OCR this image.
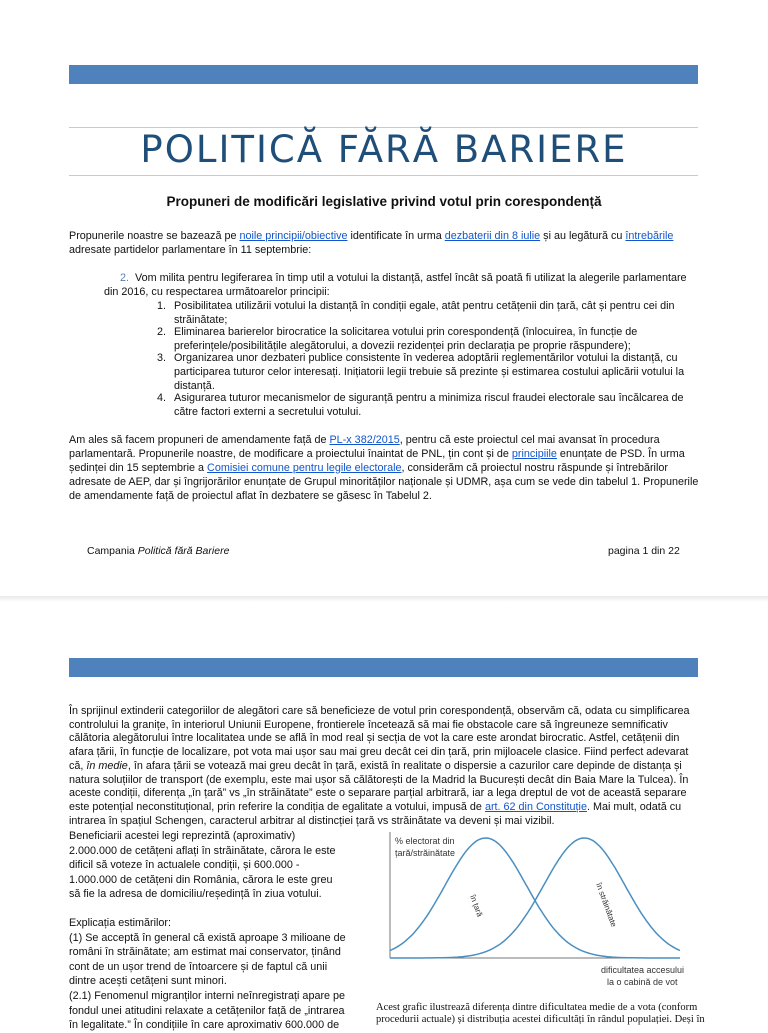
POLITICĂ FĂRĂ BARIERE
Propuneri de modificări legislative privind votul prin corespondență
Propunerile noastre se bazează pe noile principii/obiective identificate în urma dezbaterii din 8 iulie și au legătură cu întrebările
adresate partidelor parlamentare în 11 septembrie:
2. Vom milita pentru legiferarea în timp util a votului la distanță, astfel încât să poată fi utilizat la alegerile parlamentare
din 2016, cu respectarea următoarelor principii:
1. Posibilitatea utilizării votului la distanță în condiții egale, atât pentru cetățenii din țară, cât și pentru cei din
străinătate;
2. Eliminarea barierelor birocratice la solicitarea votului prin corespondență (înlocuirea, în funcție de
preferințele/posibilitățile alegătorului, a dovezii rezidenței prin declarația pe proprie răspundere);
3. Organizarea unor dezbateri publice consistente în vederea adoptării reglementărilor votului la distanță, cu
participarea tuturor celor interesați. Inițiatorii legii trebuie să prezinte și estimarea costului aplicării votului la
distanță.
4. Asigurarea tuturor mecanismelor de siguranță pentru a minimiza riscul fraudei electorale sau încălcarea de
către factori externi a secretului votului.
Am ales să facem propuneri de amendamente față de PL-x 382/2015, pentru că este proiectul cel mai avansat în procedura
parlamentară. Propunerile noastre, de modificare a proiectului înaintat de PNL, țin cont și de principiile enunțate de PSD. În urma
ședinței din 15 septembrie a Comisiei comune pentru legile electorale, considerăm că proiectul nostru răspunde și întrebărilor
adresate de AEP, dar și îngrijorărilor enunțate de Grupul minorităților naționale și UDMR, așa cum se vede din tabelul 1. Propunerile
de amendamente față de proiectul aflat în dezbatere se găsesc în Tabelul 2.
Campania Politică fără Bariere	pagina 1 din 22
În sprijinul extinderii categoriilor de alegători care să beneficieze de votul prin corespondență, observăm că, odata cu simplificarea
controlului la granițe, în interiorul Uniunii Europene, frontierele încetează să mai fie obstacole care să îngreuneze semnificativ
călătoria alegătorului între localitatea unde se află în mod real și secția de vot la care este arondat birocratic. Astfel, cetățenii din
afara țării, în funcție de localizare, pot vota mai ușor sau mai greu decât cei din țară, prin mijloacele clasice. Fiind perfect adevarat
că, în medie, în afara țării se votează mai greu decât în țară, există în realitate o dispersie a cazurilor care depinde de distanța și
natura soluțiilor de transport (de exemplu, este mai ușor să călătorești de la Madrid la București decât din Baia Mare la Tulcea). În
aceste condiții, diferența „în țară” vs „în străinătate” este o separare parțial arbitrară, iar a lega dreptul de vot de această separare
este potențial neconstituțional, prin referire la condiția de egalitate a votului, impusă de art. 62 din Constituție. Mai mult, odată cu
intrarea în spațiul Schengen, caracterul arbitrar al distincției țară vs străinătate va deveni și mai vizibil.
Beneficiarii acestei legi reprezintă (aproximativ)
2.000.000 de cetățeni aflați în străinătate, cărora le este
dificil să voteze în actualele condiții, și 600.000 -
1.000.000 de cetățeni din România, cărora le este greu
să fie la adresa de domiciliu/reședință în ziua votului.
Explicația estimărilor:
(1) Se acceptă în general că există aproape 3 milioane de
români în străinătate; am estimat mai conservator, ținând
cont de un ușor trend de întoarcere și de faptul că unii
dintre acești cetățeni sunt minori.
(2.1) Fenomenul migranților interni neînregistrați apare pe
fondul unei atitudini relaxate a cetățenilor față de „intrarea
în legalitate.” În condițiile în care aproximativ 600.000 de
% electorat din
țară/străinătate
în țară	în străinătate
dificultatea accesului
la o cabină de vot
Acest grafic ilustrează diferența dintre dificultatea medie de a vota (conform
procedurii actuale) și distribuția acestei dificultăți în rândul populației. Deși în
